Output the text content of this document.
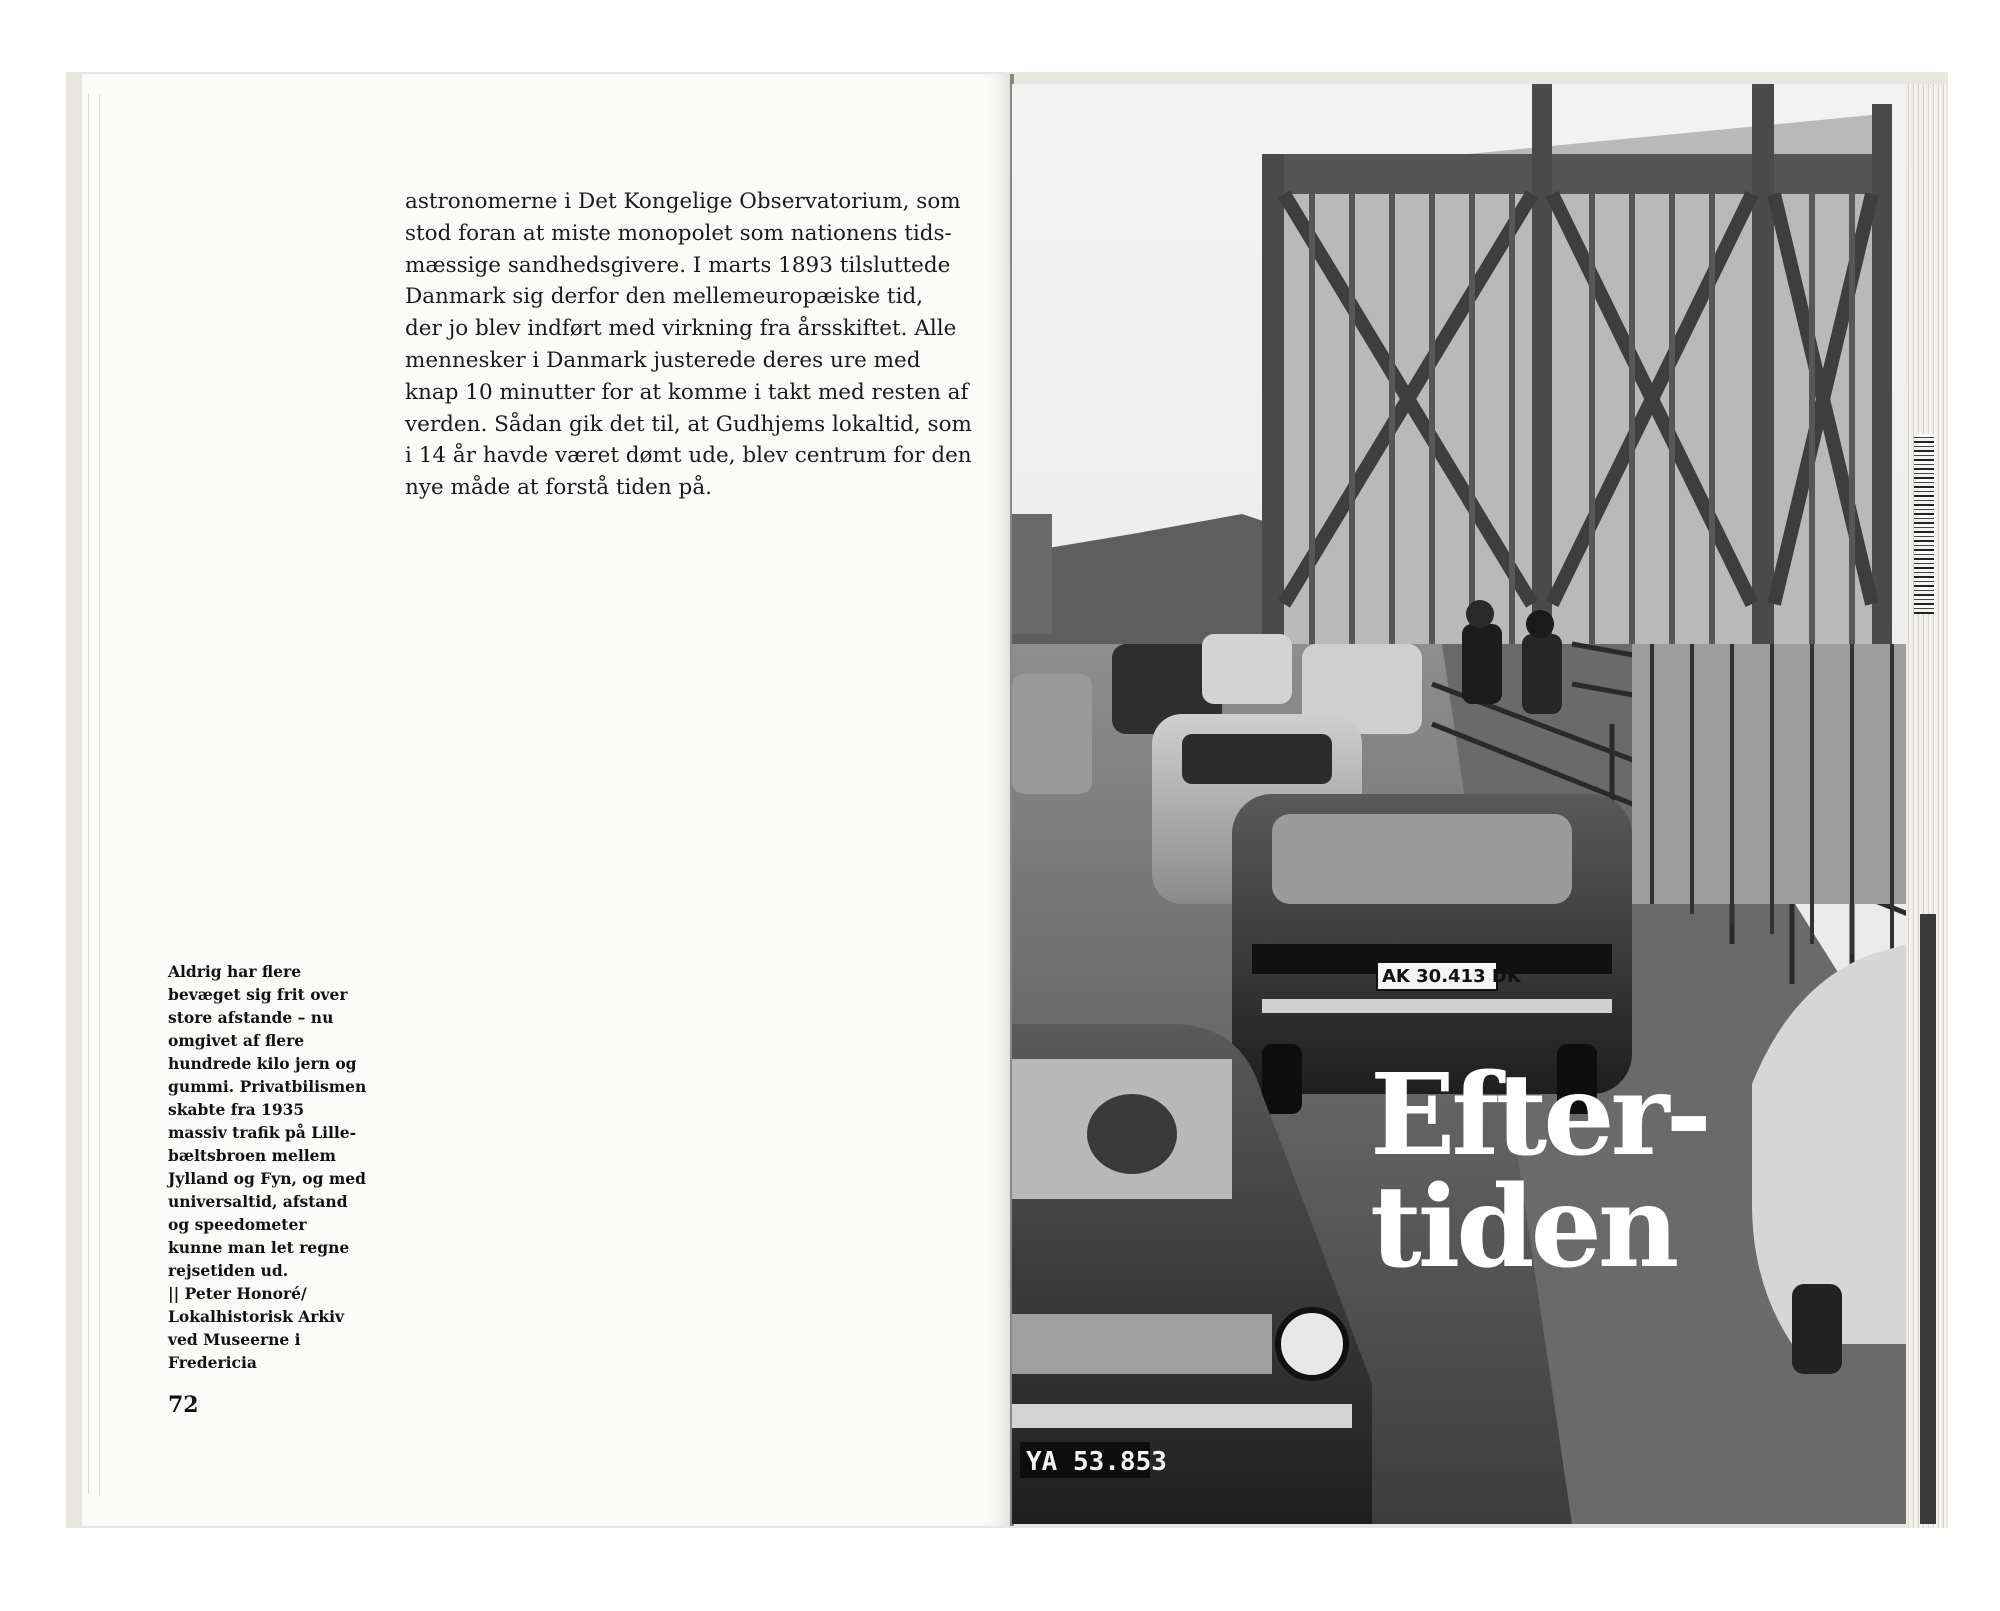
astronomerne i Det Kongelige Observatorium, som
stod foran at miste monopolet som nationens tids-
mæssige sandhedsgivere. I marts 1893 tilsluttede
Danmark sig derfor den mellemeuropæiske tid,
der jo blev indført med virkning fra årsskiftet. Alle
mennesker i Danmark justerede deres ure med
knap 10 minutter for at komme i takt med resten af
verden. Sådan gik det til, at Gudhjems lokaltid, som
i 14 år havde været dømt ude, blev centrum for den
nye måde at forstå tiden på.
Aldrig har flere
bevæget sig frit over
store afstande – nu
omgivet af flere
hundrede kilo jern og
gummi. Privatbilismen
skabte fra 1935
massiv trafik på Lille-
bæltsbroen mellem
Jylland og Fyn, og med
universaltid, afstand
og speedometer
kunne man let regne
rejsetiden ud.
|| Peter Honoré/
Lokalhistorisk Arkiv
ved Museerne i
Fredericia
72
AK 30.413 DK
YA 53.853
Efter-
tiden
